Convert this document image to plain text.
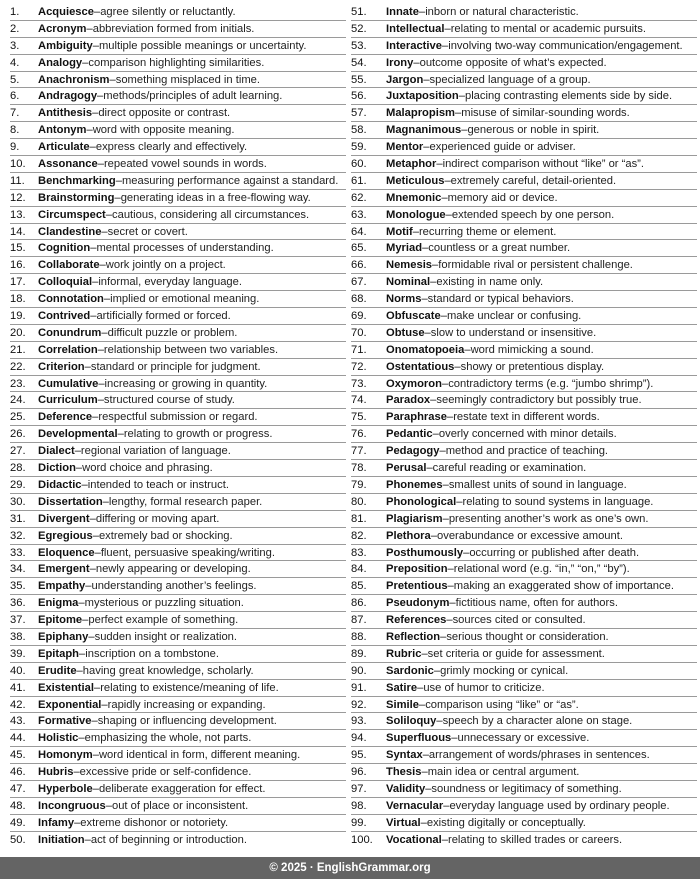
1.	Acquiesce – agree silently or reluctantly.
2.	Acronym – abbreviation formed from initials.
3.	Ambiguity – multiple possible meanings or uncertainty.
4.	Analogy – comparison highlighting similarities.
5.	Anachronism – something misplaced in time.
6.	Andragogy – methods/principles of adult learning.
7.	Antithesis – direct opposite or contrast.
8.	Antonym – word with opposite meaning.
9.	Articulate – express clearly and effectively.
10.	Assonance – repeated vowel sounds in words.
11.	Benchmarking – measuring performance against a standard.
12.	Brainstorming – generating ideas in a free-flowing way.
13.	Circumspect – cautious, considering all circumstances.
14.	Clandestine – secret or covert.
15.	Cognition – mental processes of understanding.
16.	Collaborate – work jointly on a project.
17.	Colloquial – informal, everyday language.
18.	Connotation – implied or emotional meaning.
19.	Contrived – artificially formed or forced.
20.	Conundrum – difficult puzzle or problem.
21.	Correlation – relationship between two variables.
22.	Criterion – standard or principle for judgment.
23.	Cumulative – increasing or growing in quantity.
24.	Curriculum – structured course of study.
25.	Deference – respectful submission or regard.
26.	Developmental – relating to growth or progress.
27.	Dialect – regional variation of language.
28.	Diction – word choice and phrasing.
29.	Didactic – intended to teach or instruct.
30.	Dissertation – lengthy, formal research paper.
31.	Divergent – differing or moving apart.
32.	Egregious – extremely bad or shocking.
33.	Eloquence – fluent, persuasive speaking/writing.
34.	Emergent – newly appearing or developing.
35.	Empathy – understanding another’s feelings.
36.	Enigma – mysterious or puzzling situation.
37.	Epitome – perfect example of something.
38.	Epiphany – sudden insight or realization.
39.	Epitaph – inscription on a tombstone.
40.	Erudite – having great knowledge, scholarly.
41.	Existential – relating to existence/meaning of life.
42.	Exponential – rapidly increasing or expanding.
43.	Formative – shaping or influencing development.
44.	Holistic – emphasizing the whole, not parts.
45.	Homonym – word identical in form, different meaning.
46.	Hubris – excessive pride or self-confidence.
47.	Hyperbole – deliberate exaggeration for effect.
48.	Incongruous – out of place or inconsistent.
49.	Infamy – extreme dishonor or notoriety.
50.	Initiation – act of beginning or introduction.
51.	Innate – inborn or natural characteristic.
52.	Intellectual – relating to mental or academic pursuits.
53.	Interactive – involving two-way communication/engagement.
54.	Irony – outcome opposite of what’s expected.
55.	Jargon – specialized language of a group.
56.	Juxtaposition – placing contrasting elements side by side.
57.	Malapropism – misuse of similar-sounding words.
58.	Magnanimous – generous or noble in spirit.
59.	Mentor – experienced guide or adviser.
60.	Metaphor – indirect comparison without “like” or “as”.
61.	Meticulous – extremely careful, detail-oriented.
62.	Mnemonic – memory aid or device.
63.	Monologue – extended speech by one person.
64.	Motif – recurring theme or element.
65.	Myriad – countless or a great number.
66.	Nemesis – formidable rival or persistent challenge.
67.	Nominal – existing in name only.
68.	Norms – standard or typical behaviors.
69.	Obfuscate – make unclear or confusing.
70.	Obtuse – slow to understand or insensitive.
71.	Onomatopoeia – word mimicking a sound.
72.	Ostentatious – showy or pretentious display.
73.	Oxymoron – contradictory terms (e.g. “jumbo shrimp”).
74.	Paradox – seemingly contradictory but possibly true.
75.	Paraphrase – restate text in different words.
76.	Pedantic – overly concerned with minor details.
77.	Pedagogy – method and practice of teaching.
78.	Perusal – careful reading or examination.
79.	Phonemes – smallest units of sound in language.
80.	Phonological – relating to sound systems in language.
81.	Plagiarism – presenting another’s work as one’s own.
82.	Plethora – overabundance or excessive amount.
83.	Posthumously – occurring or published after death.
84.	Preposition – relational word (e.g. “in,” “on,” “by”).
85.	Pretentious – making an exaggerated show of importance.
86.	Pseudonym – fictitious name, often for authors.
87.	References – sources cited or consulted.
88.	Reflection – serious thought or consideration.
89.	Rubric – set criteria or guide for assessment.
90.	Sardonic – grimly mocking or cynical.
91.	Satire – use of humor to criticize.
92.	Simile – comparison using “like” or “as”.
93.	Soliloquy – speech by a character alone on stage.
94.	Superfluous – unnecessary or excessive.
95.	Syntax – arrangement of words/phrases in sentences.
96.	Thesis – main idea or central argument.
97.	Validity – soundness or legitimacy of something.
98.	Vernacular – everyday language used by ordinary people.
99.	Virtual – existing digitally or conceptually.
100.	Vocational – relating to skilled trades or careers.
© 2025 · EnglishGrammar.org
